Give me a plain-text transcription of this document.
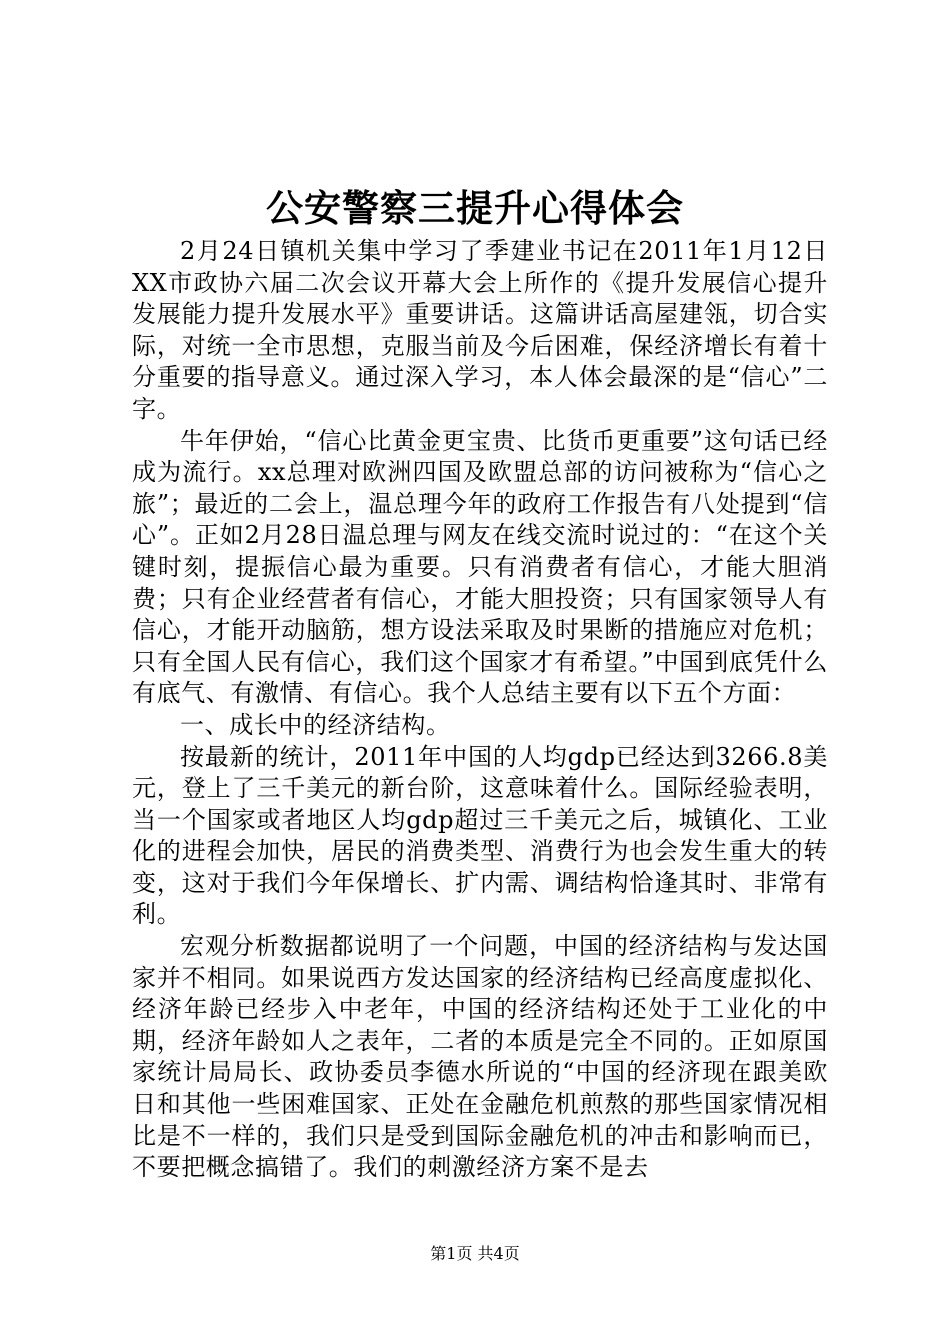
公安警察三提升心得体会

2月24日镇机关集中学习了季建业书记在2011年1月12日XX市政协六届二次会议开幕大会上所作的《提升发展信心提升发展能力提升发展水平》重要讲话。这篇讲话高屋建瓴，切合实际，对统一全市思想，克服当前及今后困难，保经济增长有着十分重要的指导意义。通过深入学习，本人体会最深的是“信心”二字。

牛年伊始，“信心比黄金更宝贵、比货币更重要”这句话已经成为流行。xx总理对欧洲四国及欧盟总部的访问被称为“信心之旅”；最近的二会上，温总理今年的政府工作报告有八处提到“信心”。正如2月28日温总理与网友在线交流时说过的：“在这个关键时刻，提振信心最为重要。只有消费者有信心，才能大胆消费；只有企业经营者有信心，才能大胆投资；只有国家领导人有信心，才能开动脑筋，想方设法采取及时果断的措施应对危机；只有全国人民有信心，我们这个国家才有希望。”中国到底凭什么有底气、有激情、有信心。我个人总结主要有以下五个方面：

一、成长中的经济结构。

按最新的统计，2011年中国的人均gdp已经达到3266.8美元，登上了三千美元的新台阶，这意味着什么。国际经验表明，当一个国家或者地区人均gdp超过三千美元之后，城镇化、工业化的进程会加快，居民的消费类型、消费行为也会发生重大的转变，这对于我们今年保增长、扩内需、调结构恰逢其时、非常有利。

宏观分析数据都说明了一个问题，中国的经济结构与发达国家并不相同。如果说西方发达国家的经济结构已经高度虚拟化、经济年龄已经步入中老年，中国的经济结构还处于工业化的中期，经济年龄如人之表年，二者的本质是完全不同的。正如原国家统计局局长、政协委员李德水所说的“中国的经济现在跟美欧日和其他一些困难国家、正处在金融危机煎熬的那些国家情况相比是不一样的，我们只是受到国际金融危机的冲击和影响而已，不要把概念搞错了。我们的刺激经济方案不是去

第1页 共4页
